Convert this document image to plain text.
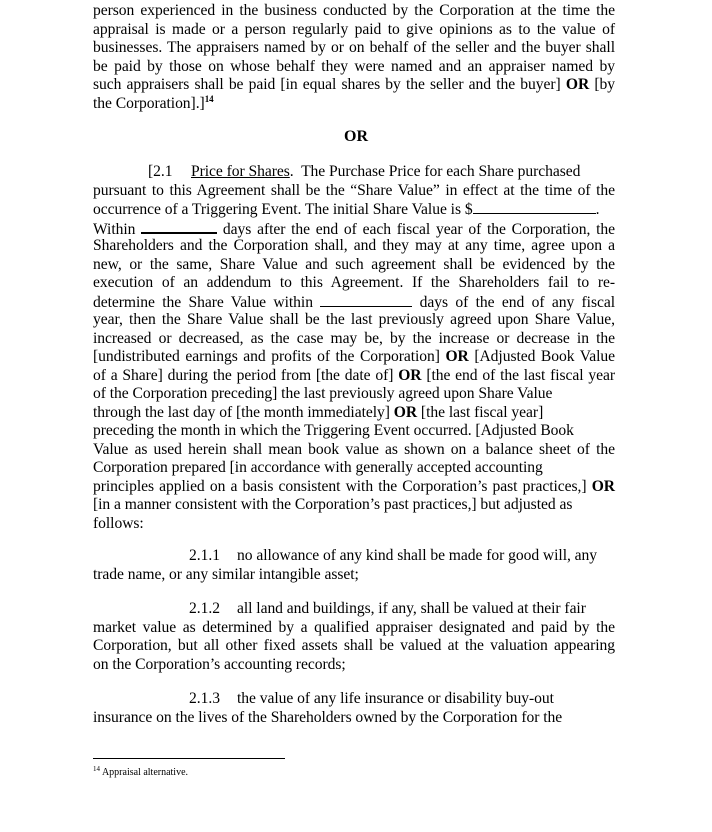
person experienced in the business conducted by the Corporation at the time the
appraisal is made or a person regularly paid to give opinions as to the value of
businesses. The appraisers named by or on behalf of the seller and the buyer shall
be paid by those on whose behalf they were named and an appraiser named by
such appraisers shall be paid [in equal shares by the seller and the buyer] OR [by
the Corporation].]$^{14}$
OR
[2.1 Price for Shares. The Purchase Price for each Share purchased
pursuant to this Agreement shall be the “Share Value” in effect at the time of the
occurrence of a Triggering Event. The initial Share Value is $	.
Within	days after the end of each fiscal year of the Corporation, the
Shareholders and the Corporation shall, and they may at any time, agree upon a
new, or the same, Share Value and such agreement shall be evidenced by the
execution of an addendum to this Agreement. If the Shareholders fail to re-
determine the Share Value within	days of the end of any fiscal
year, then the Share Value shall be the last previously agreed upon Share Value,
increased or decreased, as the case may be, by the increase or decrease in the
[undistributed earnings and profits of the Corporation] OR [Adjusted Book Value
of a Share] during the period from [the date of] OR [the end of the last fiscal year
of the Corporation preceding] the last previously agreed upon Share Value
through the last day of [the month immediately] OR [the last fiscal year]
preceding the month in which the Triggering Event occurred. [Adjusted Book
Value as used herein shall mean book value as shown on a balance sheet of the
Corporation prepared [in accordance with generally accepted accounting
principles applied on a basis consistent with the Corporation’s past practices,] OR
[in a manner consistent with the Corporation’s past practices,] but adjusted as
follows:
2.1.1 no allowance of any kind shall be made for good will, any
trade name, or any similar intangible asset;
2.1.2 all land and buildings, if any, shall be valued at their fair
market value as determined by a qualified appraiser designated and paid by the
Corporation, but all other fixed assets shall be valued at the valuation appearing
on the Corporation’s accounting records;
2.1.3 the value of any life insurance or disability buy-out
insurance on the lives of the Shareholders owned by the Corporation for the
$^{14}$ Appraisal alternative.
